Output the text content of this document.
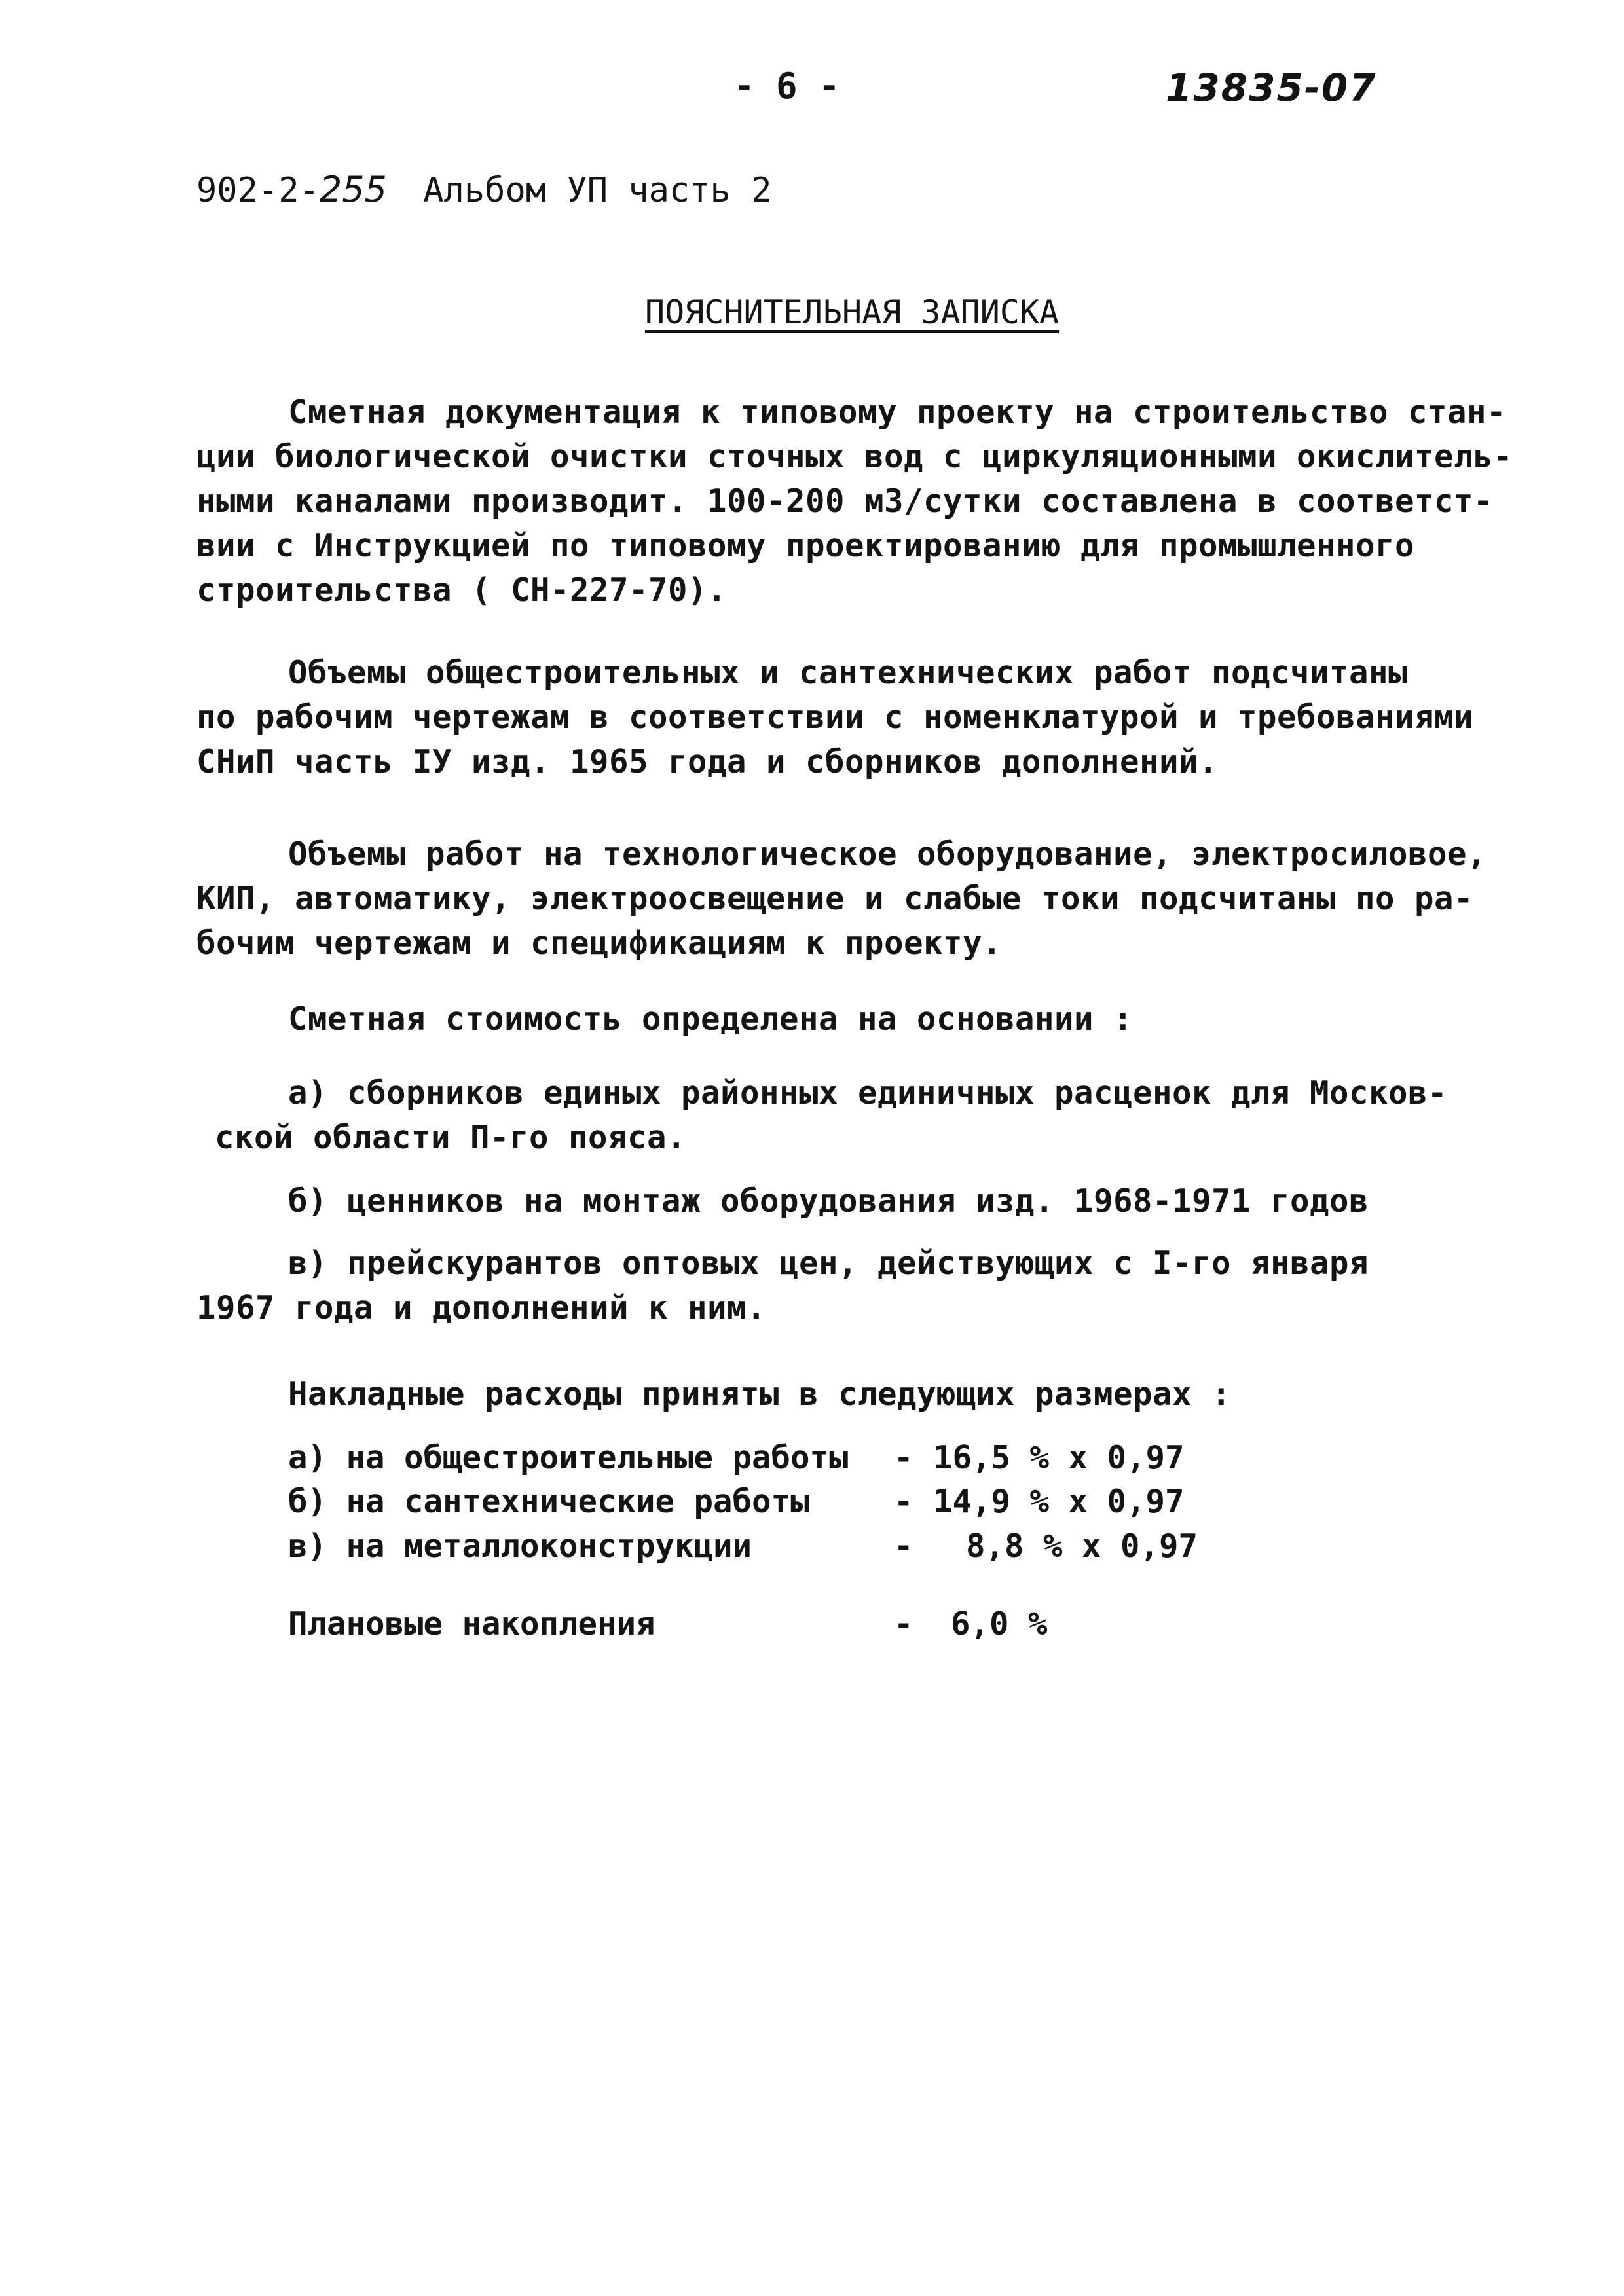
- 6 -	13835-07
902-2-255 Альбом УП часть 2
ПОЯСНИТЕЛЬНАЯ ЗАПИСКА
Сметная документация к типовому проекту на строительство стан-
ции биологической очистки сточных вод с циркуляционными окислитель-
ными каналами производит. 100-200 м3/сутки составлена в соответст-
вии с Инструкцией по типовому проектированию для промышленного
строительства ( СН-227-70).
Объемы общестроительных и сантехнических работ подсчитаны
по рабочим чертежам в соответствии с номенклатурой и требованиями
СНиП часть IУ изд. 1965 года и сборников дополнений.
Объемы работ на технологическое оборудование, электросиловое,
КИП, автоматику, электроосвещение и слабые токи подсчитаны по ра-
бочим чертежам и спецификациям к проекту.
Сметная стоимость определена на основании :
а) сборников единых районных единичных расценок для Москов-
ской области П-го пояса.
б) ценников на монтаж оборудования изд. 1968-1971 годов
в) прейскурантов оптовых цен, действующих с I-го января
1967 года и дополнений к ним.
Накладные расходы приняты в следующих размерах :
а) на общестроительные работы - 16,5 % х 0,97
б) на сантехнические работы	- 14,9 % х 0,97
в) на металлоконструкции	- 8,8 % х 0,97
Плановые накопления	- 6,0 %
